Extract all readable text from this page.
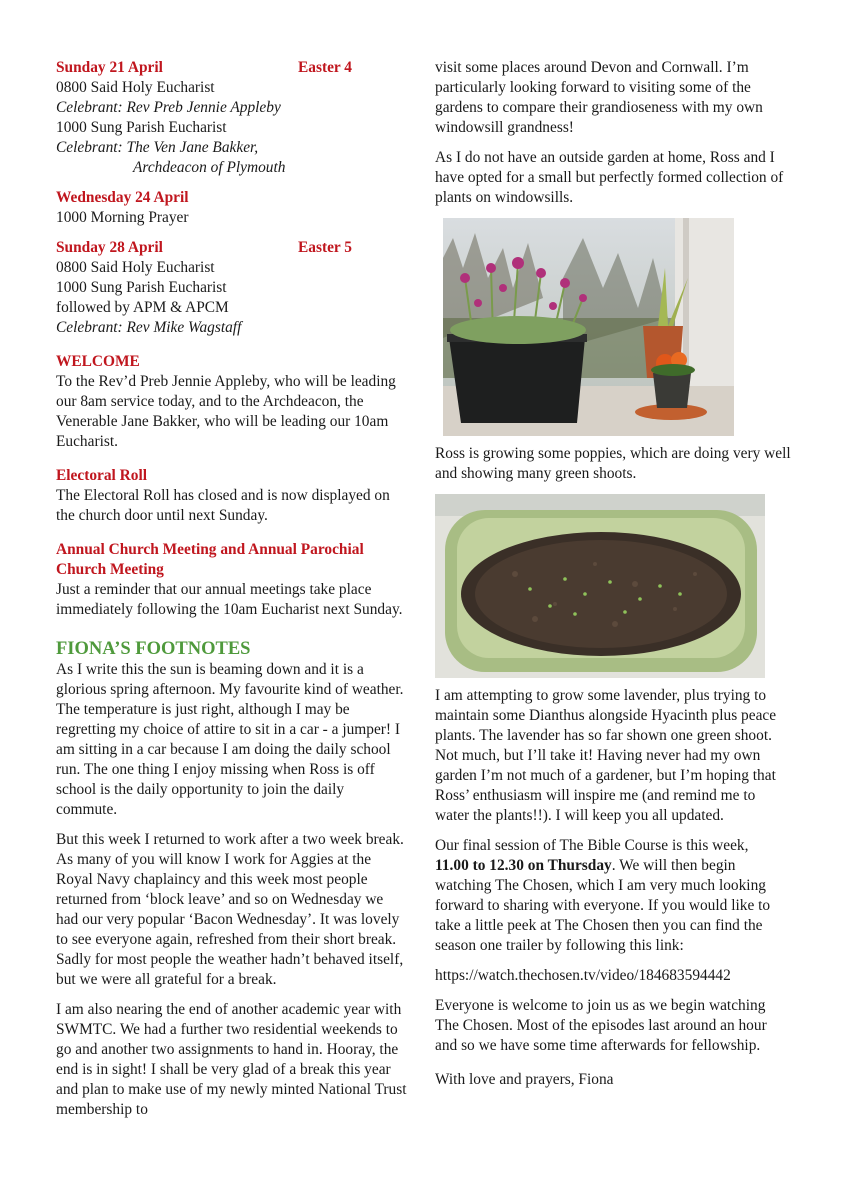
Sunday 21 April	Easter 4
0800 Said Holy Eucharist
Celebrant: Rev Preb Jennie Appleby
1000 Sung Parish Eucharist
Celebrant: The Ven Jane Bakker,
Archdeacon of Plymouth
Wednesday 24 April
1000 Morning Prayer
Sunday 28 April	Easter 5
0800 Said Holy Eucharist
1000 Sung Parish Eucharist
followed by APM & APCM
Celebrant: Rev Mike Wagstaff
WELCOME
To the Rev’d Preb Jennie Appleby, who will be leading our 8am service today, and to the Archdeacon, the Venerable Jane Bakker, who will be leading our 10am Eucharist.
Electoral Roll
The Electoral Roll has closed and is now displayed on the church door until next Sunday.
Annual Church Meeting and Annual Parochial Church Meeting
Just a reminder that our annual meetings take place immediately following the 10am Eucharist next Sunday.
FIONA’S FOOTNOTES

As I write this the sun is beaming down and it is a glorious spring afternoon. My favourite kind of weather. The temperature is just right, although I may be regretting my choice of attire to sit in a car - a jumper! I am sitting in a car because I am doing the daily school run. The one thing I enjoy missing when Ross is off school is the daily opportunity to join the daily commute.

But this week I returned to work after a two week break. As many of you will know I work for Aggies at the Royal Navy chaplaincy and this week most people returned from ‘block leave’ and so on Wednesday we had our very popular ‘Bacon Wednesday’. It was lovely to see everyone again, refreshed from their short break. Sadly for most people the weather hadn’t behaved itself, but we were all grateful for a break.

I am also nearing the end of another academic year with SWMTC. We had a further two residential weekends to go and another two assignments to hand in. Hooray, the end is in sight! I shall be very glad of a break this year and plan to make use of my newly minted National Trust membership to

visit some places around Devon and Cornwall. I’m particularly looking forward to visiting some of the gardens to compare their grandioseness with my own windowsill grandness!

As I do not have an outside garden at home, Ross and I have opted for a small but perfectly formed collection of plants on windowsills.

Ross is growing some poppies, which are doing very well and showing many green shoots.

I am attempting to grow some lavender, plus trying to maintain some Dianthus alongside Hyacinth plus peace plants. The lavender has so far shown one green shoot. Not much, but I’ll take it! Having never had my own garden I’m not much of a gardener, but I’m hoping that Ross’ enthusiasm will inspire me (and remind me to water the plants!!). I will keep you all updated.

Our final session of The Bible Course is this week,
11.00 to 12.30 on Thursday. We will then begin watching The Chosen, which I am very much looking forward to sharing with everyone. If you would like to take a little peek at The Chosen then you can find the season one trailer by following this link:

https://watch.thechosen.tv/video/184683594442

Everyone is welcome to join us as we begin watching The Chosen. Most of the episodes last around an hour and so we have some time afterwards for fellowship.

With love and prayers, Fiona
